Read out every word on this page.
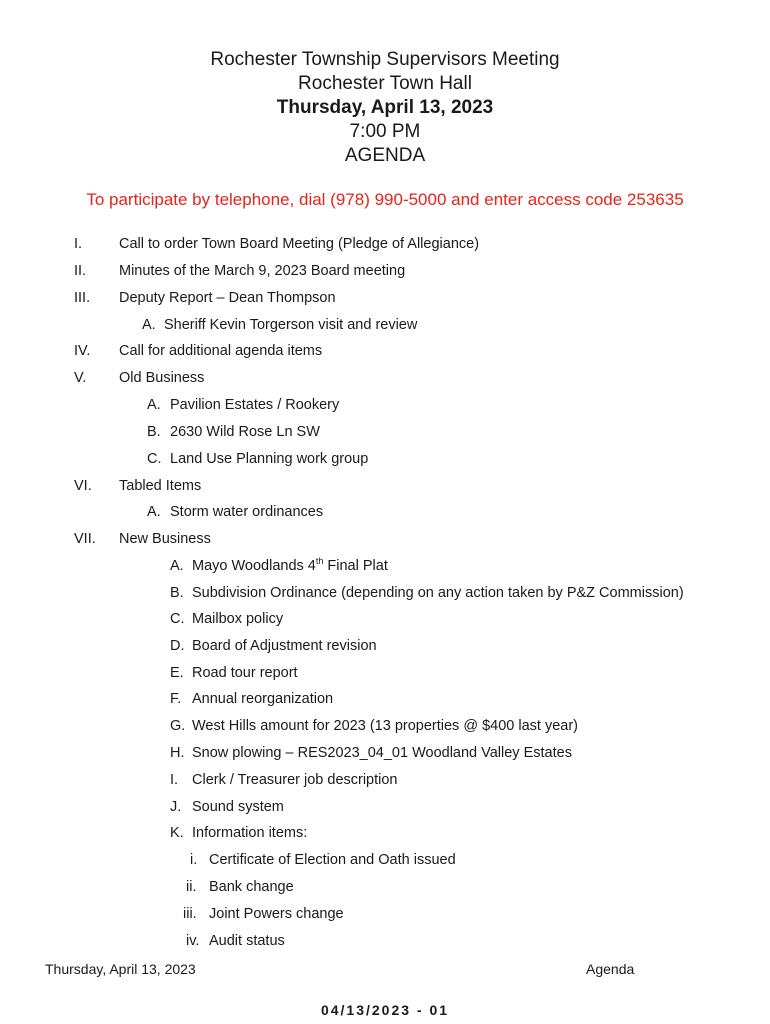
Rochester Township Supervisors Meeting
Rochester Town Hall
Thursday, April 13, 2023
7:00 PM
AGENDA
To participate by telephone, dial (978) 990-5000 and enter access code 253635
I.	Call to order Town Board Meeting (Pledge of Allegiance)
II. Minutes of the March 9, 2023 Board meeting
III. Deputy Report – Dean Thompson
A. Sheriff Kevin Torgerson visit and review
IV. Call for additional agenda items
V. Old Business
A. Pavilion Estates / Rookery
B. 2630 Wild Rose Ln SW
C. Land Use Planning work group
VI. Tabled Items
A. Storm water ordinances
VII. New Business
A. Mayo Woodlands 4th Final Plat
B. Subdivision Ordinance (depending on any action taken by P&Z Commission)
C. Mailbox policy
D. Board of Adjustment revision
E. Road tour report
F. Annual reorganization
G. West Hills amount for 2023 (13 properties @ $400 last year)
H. Snow plowing – RES2023_04_01 Woodland Valley Estates
I. Clerk / Treasurer job description
J. Sound system
K. Information items:
i. Certificate of Election and Oath issued
ii. Bank change
iii. Joint Powers change
iv. Audit status
Thursday, April 13, 2023	Agenda
04/13/2023 - 01
